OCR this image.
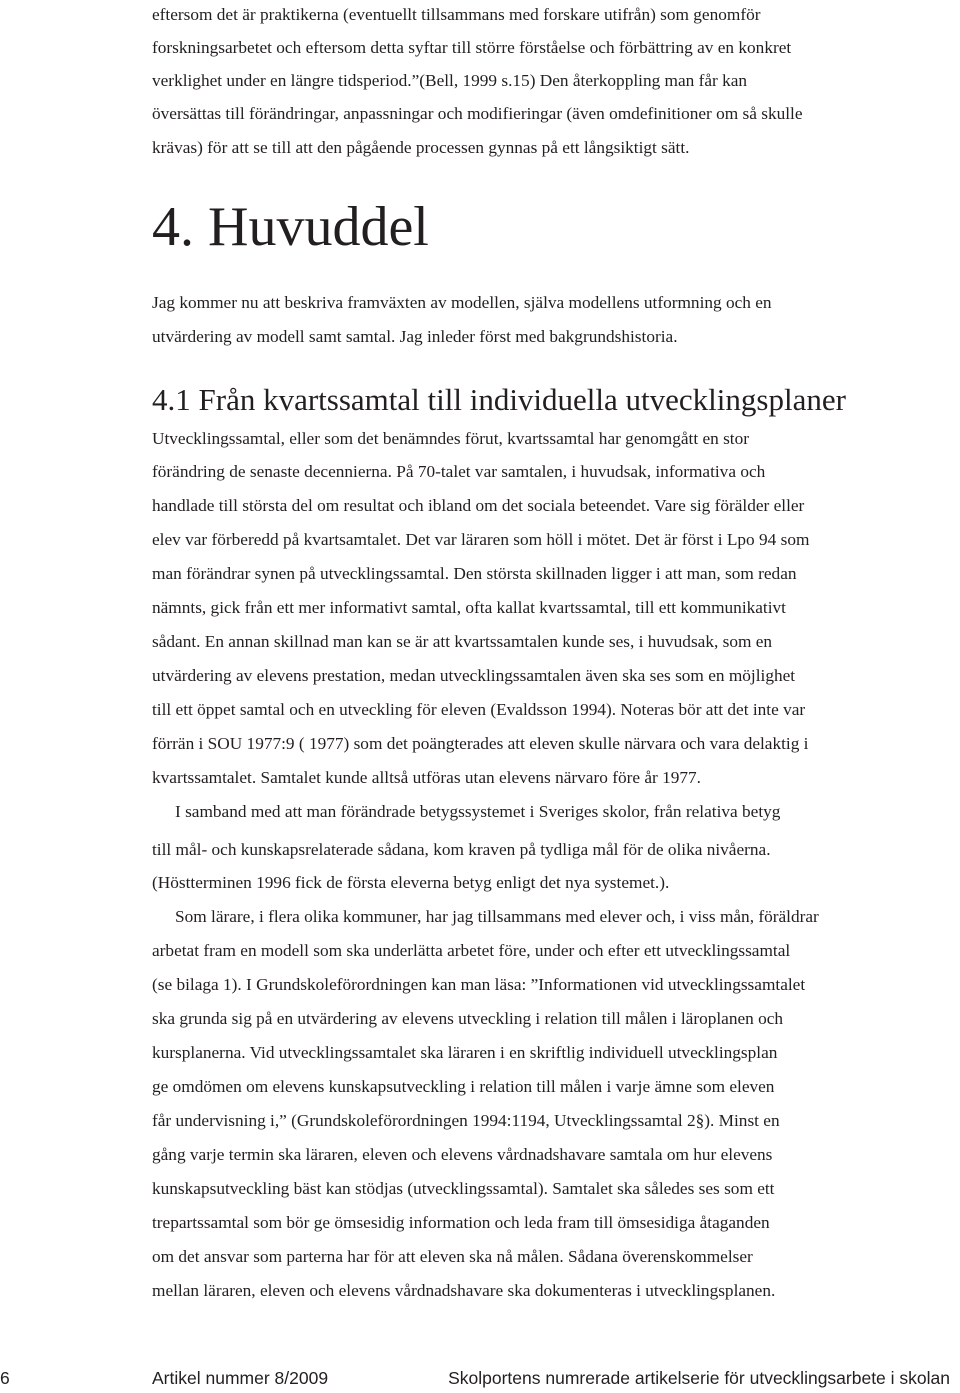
eftersom det är praktikerna (eventuellt tillsammans med forskare utifrån) som genomför
forskningsarbetet och eftersom detta syftar till större förståelse och förbättring av en konkret
verklighet under en längre tidsperiod.”(Bell, 1999 s.15) Den återkoppling man får kan
översättas till förändringar, anpassningar och modifieringar (även omdefinitioner om så skulle
krävas) för att se till att den pågående processen gynnas på ett långsiktigt sätt.
4. Huvuddel
Jag kommer nu att beskriva framväxten av modellen, själva modellens utformning och en
utvärdering av modell samt samtal. Jag inleder först med bakgrundshistoria.
4.1 Från kvartssamtal till individuella utvecklingsplaner
Utvecklingssamtal, eller som det benämndes förut, kvartssamtal har genomgått en stor
förändring de senaste decennierna. På 70-talet var samtalen, i huvudsak, informativa och
handlade till största del om resultat och ibland om det sociala beteendet. Vare sig förälder eller
elev var förberedd på kvartsamtalet. Det var läraren som höll i mötet. Det är först i Lpo 94 som
man förändrar synen på utvecklingssamtal. Den största skillnaden ligger i att man, som redan
nämnts, gick från ett mer informativt samtal, ofta kallat kvartssamtal, till ett kommunikativt
sådant. En annan skillnad man kan se är att kvartssamtalen kunde ses, i huvudsak, som en
utvärdering av elevens prestation, medan utvecklingssamtalen även ska ses som en möjlighet
till ett öppet samtal och en utveckling för eleven (Evaldsson 1994). Noteras bör att det inte var
förrän i SOU 1977:9 ( 1977) som det poängterades att eleven skulle närvara och vara delaktig i
kvartssamtalet. Samtalet kunde alltså utföras utan elevens närvaro före år 1977.
I samband med att man förändrade betygssystemet i Sveriges skolor, från relativa betyg
till mål- och kunskapsrelaterade sådana, kom kraven på tydliga mål för de olika nivåerna.
(Höstterminen 1996 fick de första eleverna betyg enligt det nya systemet.).
Som lärare, i flera olika kommuner, har jag tillsammans med elever och, i viss mån, föräldrar
arbetat fram en modell som ska underlätta arbetet före, under och efter ett utvecklingssamtal
(se bilaga 1). I Grundskoleförordningen kan man läsa: ”Informationen vid utvecklingssamtalet
ska grunda sig på en utvärdering av elevens utveckling i relation till målen i läroplanen och
kursplanerna. Vid utvecklingssamtalet ska läraren i en skriftlig individuell utvecklingsplan
ge omdömen om elevens kunskapsutveckling i relation till målen i varje ämne som eleven
får undervisning i,” (Grundskoleförordningen 1994:1194, Utvecklingssamtal 2§). Minst en
gång varje termin ska läraren, eleven och elevens vårdnadshavare samtala om hur elevens
kunskapsutveckling bäst kan stödjas (utvecklingssamtal). Samtalet ska således ses som ett
trepartssamtal som bör ge ömsesidig information och leda fram till ömsesidiga åtaganden
om det ansvar som parterna har för att eleven ska nå målen. Sådana överenskommelser
mellan läraren, eleven och elevens vårdnadshavare ska dokumenteras i utvecklingsplanen.
6	Artikel nummer 8/2009	Skolportens numrerade artikelserie för utvecklingsarbete i skolan
